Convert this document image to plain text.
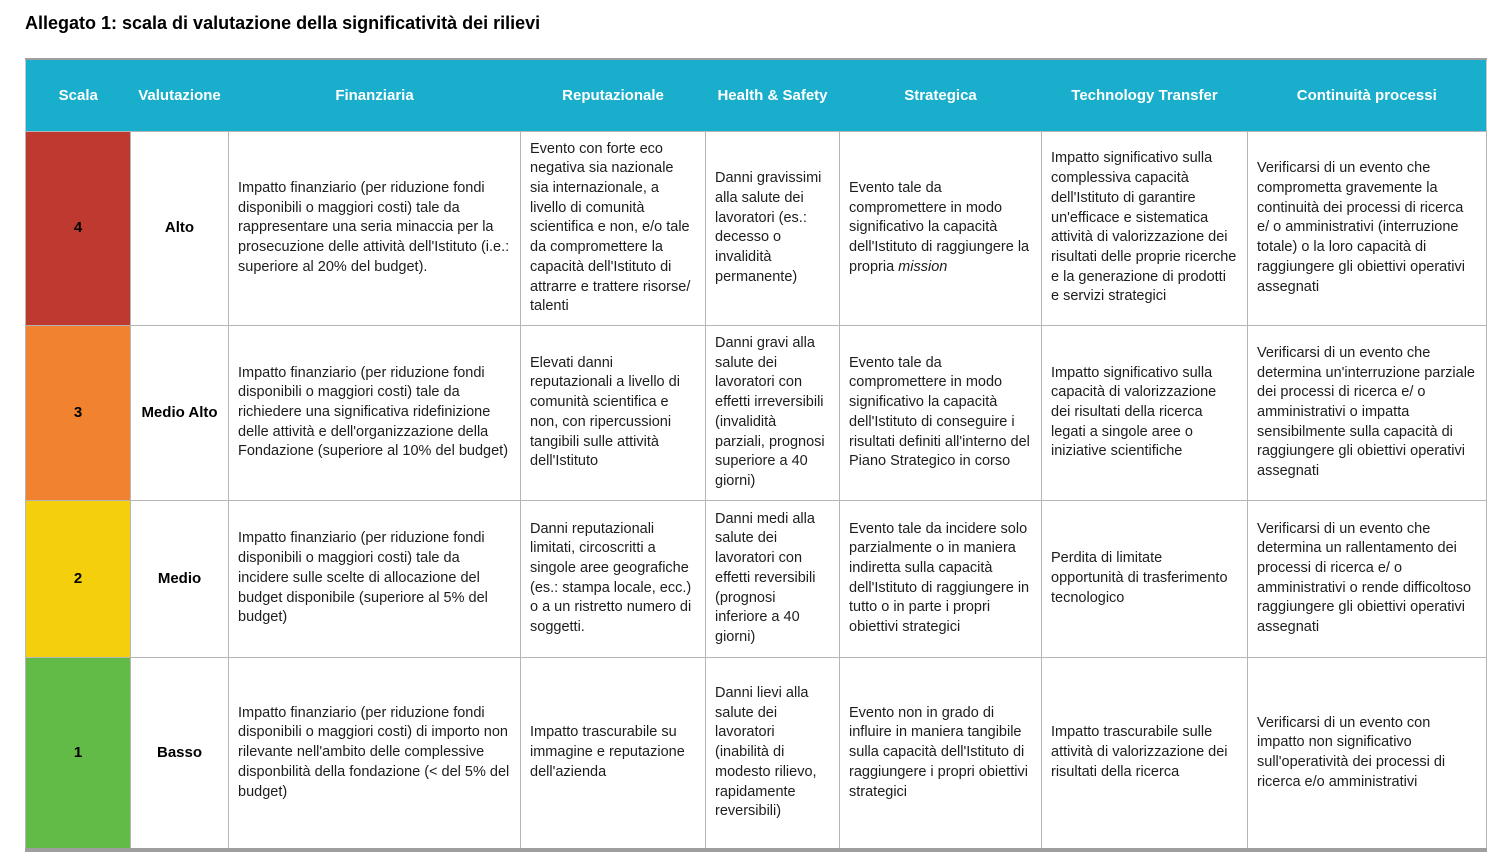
Allegato 1: scala di valutazione della significatività dei rilievi
Scala	Valutazione	Finanziaria	Reputazionale	Health & Safety	Strategica	Technology Transfer	Continuità processi
4	Alto	Impatto finanziario (per riduzione fondi disponibili o maggiori costi) tale da rappresentare una seria minaccia per la prosecuzione delle attività dell'Istituto (i.e.: superiore al 20% del budget).	Evento con forte eco negativa sia nazionale sia internazionale, a livello di comunità scientifica e non, e/o tale da compromettere la capacità dell'Istituto di attrarre e trattere risorse/ talenti	Danni gravissimi alla salute dei lavoratori (es.: decesso o invalidità permanente)	Evento tale da compromettere in modo significativo la capacità dell'Istituto di raggiungere la propria mission	Impatto significativo sulla complessiva capacità dell'Istituto di garantire un'efficace e sistematica attività di valorizzazione dei risultati delle proprie ricerche e la generazione di prodotti e servizi strategici	Verificarsi di un evento che comprometta gravemente la continuità dei processi di ricerca e/ o amministrativi (interruzione totale) o la loro capacità di raggiungere gli obiettivi operativi assegnati
3	Medio Alto	Impatto finanziario (per riduzione fondi disponibili o maggiori costi) tale da richiedere una significativa ridefinizione delle attività e dell'organizzazione della Fondazione (superiore al 10% del budget)	Elevati danni reputazionali a livello di comunità scientifica e non, con ripercussioni tangibili sulle attività dell'Istituto	Danni gravi alla salute dei lavoratori con effetti irreversibili (invalidità parziali, prognosi superiore a 40 giorni)	Evento tale da compromettere in modo significativo la capacità dell'Istituto di conseguire i risultati definiti all'interno del Piano Strategico in corso	Impatto significativo sulla capacità di valorizzazione dei risultati della ricerca legati a singole aree o iniziative scientifiche	Verificarsi di un evento che determina un'interruzione parziale dei processi di ricerca e/ o amministrativi o impatta sensibilmente sulla capacità di raggiungere gli obiettivi operativi assegnati
2	Medio	Impatto finanziario (per riduzione fondi disponibili o maggiori costi) tale da incidere sulle scelte di allocazione del budget disponibile (superiore al 5% del budget)	Danni reputazionali limitati, circoscritti a singole aree geografiche (es.: stampa locale, ecc.) o a un ristretto numero di soggetti.	Danni medi alla salute dei lavoratori con effetti reversibili (prognosi inferiore a 40 giorni)	Evento tale da incidere solo parzialmente o in maniera indiretta sulla capacità dell'Istituto di raggiungere in tutto o in parte i propri obiettivi strategici	Perdita di limitate opportunità di trasferimento tecnologico	Verificarsi di un evento che determina un rallentamento dei processi di ricerca e/ o amministrativi o rende difficoltoso raggiungere gli obiettivi operativi assegnati
1	Basso	Impatto finanziario (per riduzione fondi disponibili o maggiori costi) di importo non rilevante nell'ambito delle complessive disponbilità della fondazione (< del 5% del budget)	Impatto trascurabile su immagine e reputazione dell'azienda	Danni lievi alla salute dei lavoratori (inabilità di modesto rilievo, rapidamente reversibili)	Evento non in grado di influire in maniera tangibile sulla capacità dell'Istituto di raggiungere i propri obiettivi strategici	Impatto trascurabile sulle attività di valorizzazione dei risultati della ricerca	Verificarsi di un evento con impatto non significativo sull'operatività dei processi di ricerca e/o amministrativi
